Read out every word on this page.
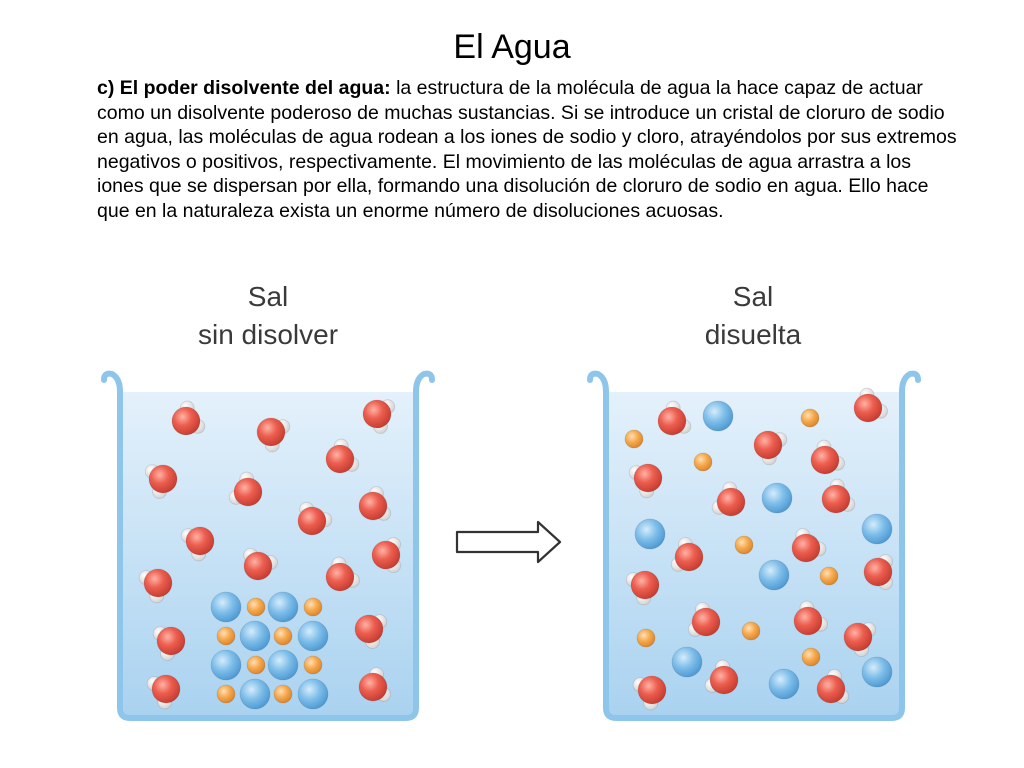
El Agua
c) El poder disolvente del agua: la estructura de la molécula de agua la hace capaz de actuar como un disolvente poderoso de muchas sustancias. Si se introduce un cristal de cloruro de sodio en agua, las moléculas de agua rodean a los iones de sodio y cloro, atrayéndolos por sus extremos negativos o positivos, respectivamente. El movimiento de las moléculas de agua arrastra a los iones que se dispersan por ella, formando una disolución de cloruro de sodio en agua. Ello hace que en la naturaleza exista un enorme número de disoluciones acuosas.
Sal
sin disolver
Sal
disuelta
